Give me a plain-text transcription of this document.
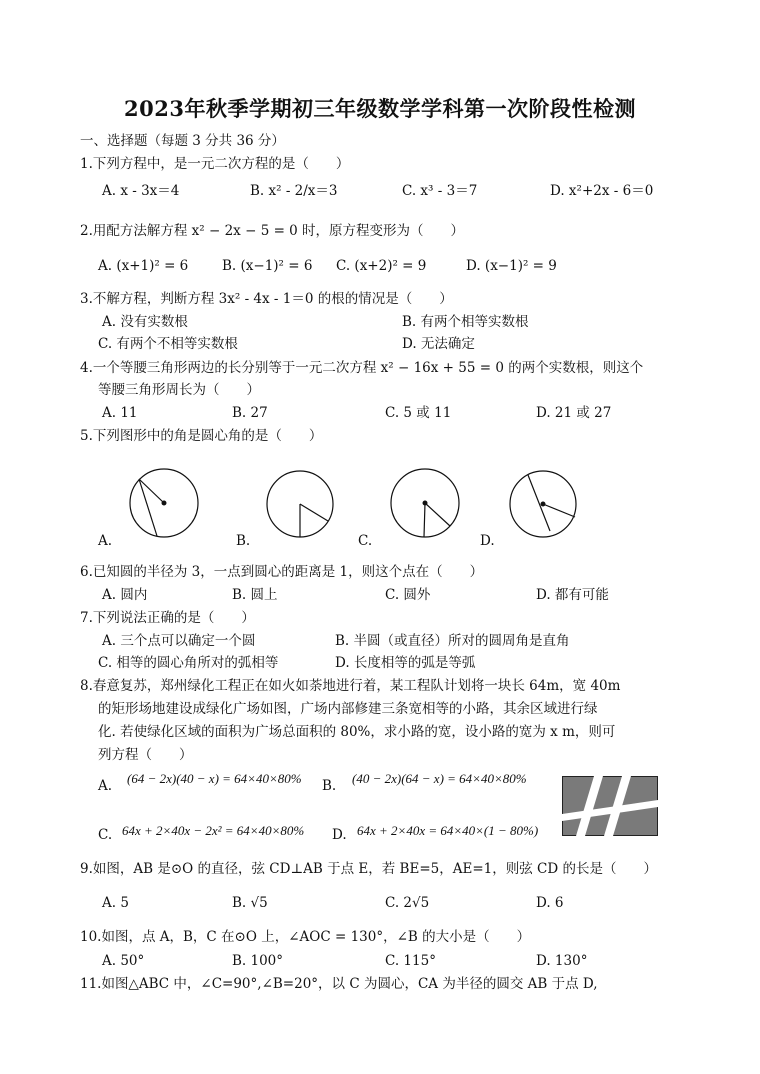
2023年秋季学期初三年级数学学科第一次阶段性检测
一、选择题（每题 3 分共 36 分）
1.下列方程中，是一元二次方程的是（　　）
A. x - 3x＝4	B. x² - 2/x＝3	C. x³ - 3＝7	D. x²+2x - 6＝0
2.用配方法解方程 x² − 2x − 5 = 0 时，原方程变形为（　　）
A. (x+1)² = 6 B. (x−1)² = 6 C. (x+2)² = 9	D. (x−1)² = 9
3.不解方程，判断方程 3x² - 4x - 1＝0 的根的情况是（　　）
A. 没有实数根	B. 有两个相等实数根
C. 有两个不相等实数根	D. 无法确定
4.一个等腰三角形两边的长分别等于一元二次方程 x² − 16x + 55 = 0 的两个实数根，则这个
等腰三角形周长为（　　）
A. 11	B. 27	C. 5 或 11	D. 21 或 27
5.下列图形中的角是圆心角的是（　　）
A.	B.	C.	D.
6.已知圆的半径为 3，一点到圆心的距离是 1，则这个点在（　　）
A. 圆内	B. 圆上	C. 圆外	D. 都有可能
7.下列说法正确的是（　　）
A. 三个点可以确定一个圆	B. 半圆（或直径）所对的圆周角是直角
C. 相等的圆心角所对的弧相等	D. 长度相等的弧是等弧
8.春意复苏，郑州绿化工程正在如火如荼地进行着，某工程队计划将一块长 64m，宽 40m
的矩形场地建设成绿化广场如图，广场内部修建三条宽相等的小路，其余区域进行绿
化. 若使绿化区域的面积为广场总面积的 80%，求小路的宽，设小路的宽为 x m，则可
列方程（　　）
A. (64 − 2x)(40 − x) = 64×40×80% B. (40 − 2x)(64 − x) = 64×40×80%
C. 64x + 2×40x − 2x² = 64×40×80% D. 64x + 2×40x = 64×40×(1 − 80%)
9.如图，AB 是⊙O 的直径，弦 CD⊥AB 于点 E，若 BE=5，AE=1，则弦 CD 的长是（　　）
A. 5	B. √5	C. 2√5	D. 6
10.如图，点 A，B，C 在⊙O 上，∠AOC = 130°，∠B 的大小是（　　）
A. 50°	B. 100°	C. 115°	D. 130°
11.如图△ABC 中，∠C=90°,∠B=20°，以 C 为圆心，CA 为半径的圆交 AB 于点 D,
